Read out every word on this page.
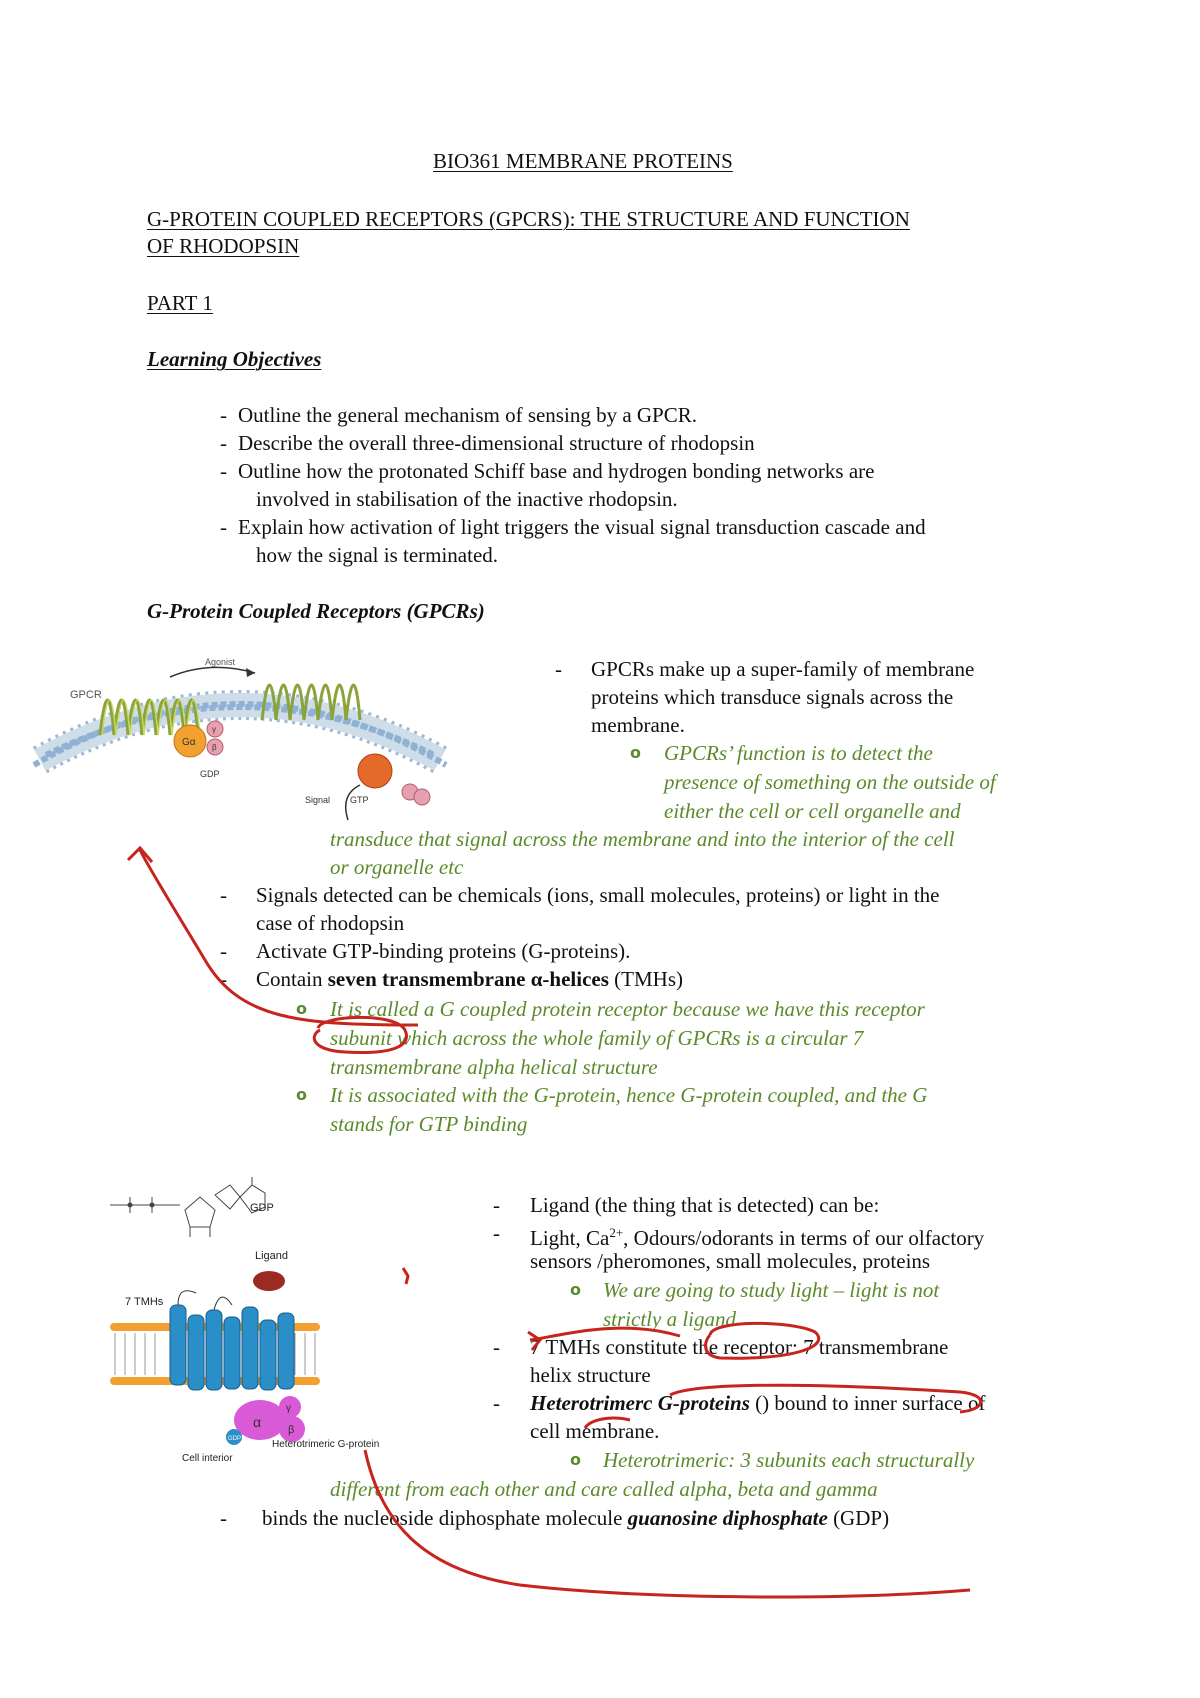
BIO361 MEMBRANE PROTEINS
G-PROTEIN COUPLED RECEPTORS (GPCRS): THE STRUCTURE AND FUNCTION
OF RHODOPSIN
PART 1
Learning Objectives
- Outline the general mechanism of sensing by a GPCR.
- Describe the overall three-dimensional structure of rhodopsin
- Outline how the protonated Schiff base and hydrogen bonding networks are
involved in stabilisation of the inactive rhodopsin.
- Explain how activation of light triggers the visual signal transduction cascade and
how the signal is terminated.
G-Protein Coupled Receptors (GPCRs)
Agonist
GPCR
Gα β
γ
GDP
Signal GTP
- GPCRs make up a super-family of membrane
proteins which transduce signals across the
membrane.
o GPCRs’ function is to detect the
presence of something on the outside of
either the cell or cell organelle and
transduce that signal across the membrane and into the interior of the cell
or organelle etc
- Signals detected can be chemicals (ions, small molecules, proteins) or light in the
case of rhodopsin
- Activate GTP-binding proteins (G-proteins).
- Contain seven transmembrane α-helices (TMHs)
o It is called a G coupled protein receptor because we have this receptor
subunit which across the whole family of GPCRs is a circular 7
transmembrane alpha helical structure
o It is associated with the G-protein, hence G-protein coupled, and the G
stands for GTP binding
GDP
Ligand
7 TMHs
α β
γ
GDP
Cell interior
Heterotrimeric G-protein
- Ligand (the thing that is detected) can be:
- Light, $Ca^{2+}$, Odours/odorants in terms of our olfactory
sensors /pheromones, small molecules, proteins
o We are going to study light – light is not
strictly a ligand
- 7 TMHs constitute the receptor: 7 transmembrane
helix structure
- Heterotrimerc G-proteins () bound to inner surface of
cell membrane.
o Heterotrimeric: 3 subunits each structurally
different from each other and care called alpha, beta and gamma
- binds the nucleoside diphosphate molecule guanosine diphosphate (GDP)
